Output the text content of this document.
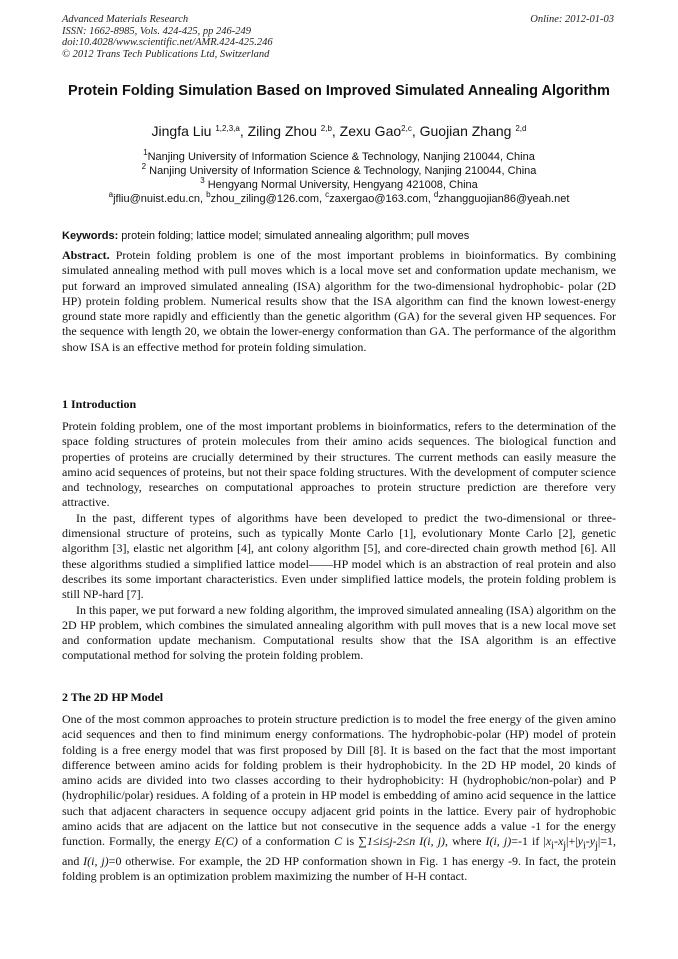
Advanced Materials Research
ISSN: 1662-8985, Vols. 424-425, pp 246-249
doi:10.4028/www.scientific.net/AMR.424-425.246
© 2012 Trans Tech Publications Ltd, Switzerland
Online: 2012-01-03
Protein Folding Simulation Based on Improved Simulated Annealing Algorithm
Jingfa Liu $^{1,2,3,a}$, Ziling Zhou $^{2,b}$, Zexu Gao$^{2,c}$, Guojian Zhang $^{2,d}$
$^1$Nanjing University of Information Science & Technology, Nanjing 210044, China
$^2$ Nanjing University of Information Science & Technology, Nanjing 210044, China
$^3$ Hengyang Normal University, Hengyang 421008, China
$^a$jfliu@nuist.edu.cn, $^b$zhou_ziling@126.com, $^c$zaxergao@163.com, $^d$zhangguojian86@yeah.net
Keywords: protein folding; lattice model; simulated annealing algorithm; pull moves
Abstract. Protein folding problem is one of the most important problems in bioinformatics. By combining simulated annealing method with pull moves which is a local move set and conformation update mechanism, we put forward an improved simulated annealing (ISA) algorithm for the two-dimensional hydrophobic- polar (2D HP) protein folding problem. Numerical results show that the ISA algorithm can find the known lowest-energy ground state more rapidly and efficiently than the genetic algorithm (GA) for the several given HP sequences. For the sequence with length 20, we obtain the lower-energy conformation than GA. The performance of the algorithm show ISA is an effective method for protein folding simulation.
1 Introduction

Protein folding problem, one of the most important problems in bioinformatics, refers to the determination of the space folding structures of protein molecules from their amino acids sequences. The biological function and properties of proteins are crucially determined by their structures. The current methods can easily measure the amino acid sequences of proteins, but not their space folding structures. With the development of computer science and technology, researches on computational approaches to protein structure prediction are therefore very attractive.

In the past, different types of algorithms have been developed to predict the two-dimensional or three-dimensional structure of proteins, such as typically Monte Carlo [1], evolutionary Monte Carlo [2], genetic algorithm [3], elastic net algorithm [4], ant colony algorithm [5], and core-directed chain growth method [6]. All these algorithms studied a simplified lattice model——HP model which is an abstraction of real protein and also describes its some important characteristics. Even under simplified lattice models, the protein folding problem is still NP-hard [7].

In this paper, we put forward a new folding algorithm, the improved simulated annealing (ISA) algorithm on the 2D HP problem, which combines the simulated annealing algorithm with pull moves that is a new local move set and conformation update mechanism. Computational results show that the ISA algorithm is an effective computational method for solving the protein folding problem.

2 The 2D HP Model

One of the most common approaches to protein structure prediction is to model the free energy of the given amino acid sequences and then to find minimum energy conformations. The hydrophobic-polar (HP) model of protein folding is a free energy model that was first proposed by Dill [8]. It is based on the fact that the most important difference between amino acids for folding problem is their hydrophobicity. In the 2D HP model, 20 kinds of amino acids are divided into two classes according to their hydrophobicity: H (hydrophobic/non-polar) and P (hydrophilic/polar) residues. A folding of a protein in HP model is embedding of amino acid sequence in the lattice such that adjacent characters in sequence occupy adjacent grid points in the lattice. Every pair of hydrophobic amino acids that are adjacent on the lattice but not consecutive in the sequence adds a value -1 for the energy function. Formally, the energy E(C) of a conformation C is ∑1≤i≤j-2≤n I(i, j), where I(i, j)=-1 if $|x_i-x_j|+|y_i-y_j|=1$, and I(i, j)=0 otherwise. For example, the 2D HP conformation shown in Fig. 1 has energy -9. In fact, the protein folding problem is an optimization problem maximizing the number of H-H contact.
